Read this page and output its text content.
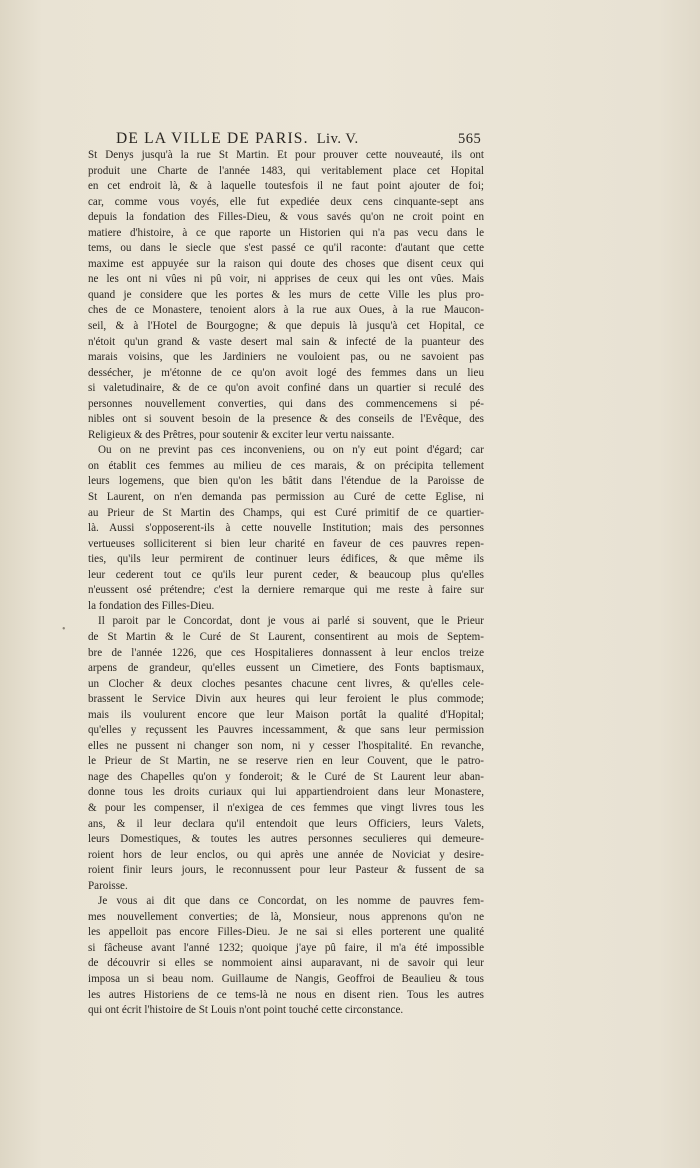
DE LA VILLE DE PARIS. Liv. V.	565
•
St Denys jusqu'à la rue St Martin. Et pour prouver cette nouveauté, ils ont
produit une Charte de l'année 1483, qui veritablement place cet Hopital
en cet endroit là, & à laquelle toutesfois il ne faut point ajouter de foi;
car, comme vous voyés, elle fut expediée deux cens cinquante-sept ans
depuis la fondation des Filles-Dieu, & vous savés qu'on ne croit point en
matiere d'histoire, à ce que raporte un Historien qui n'a pas vecu dans le
tems, ou dans le siecle que s'est passé ce qu'il raconte: d'autant que cette
maxime est appuyée sur la raison qui doute des choses que disent ceux qui
ne les ont ni vûes ni pû voir, ni apprises de ceux qui les ont vûes. Mais
quand je considere que les portes & les murs de cette Ville les plus pro-
ches de ce Monastere, tenoient alors à la rue aux Oues, à la rue Maucon-
seil, & à l'Hotel de Bourgogne; & que depuis là jusqu'à cet Hopital, ce
n'étoit qu'un grand & vaste desert mal sain & infecté de la puanteur des
marais voisins, que les Jardiniers ne vouloient pas, ou ne savoient pas
dessécher, je m'étonne de ce qu'on avoit logé des femmes dans un lieu
si valetudinaire, & de ce qu'on avoit confiné dans un quartier si reculé des
personnes nouvellement converties, qui dans des commencemens si pé-
nibles ont si souvent besoin de la presence & des conseils de l'Evêque, des
Religieux & des Prêtres, pour soutenir & exciter leur vertu naissante.
Ou on ne prevint pas ces inconveniens, ou on n'y eut point d'égard; car
on établit ces femmes au milieu de ces marais, & on précipita tellement
leurs logemens, que bien qu'on les bâtit dans l'étendue de la Paroisse de
St Laurent, on n'en demanda pas permission au Curé de cette Eglise, ni
au Prieur de St Martin des Champs, qui est Curé primitif de ce quartier-
là. Aussi s'opposerent-ils à cette nouvelle Institution; mais des personnes
vertueuses solliciterent si bien leur charité en faveur de ces pauvres repen-
ties, qu'ils leur permirent de continuer leurs édifices, & que même ils
leur cederent tout ce qu'ils leur purent ceder, & beaucoup plus qu'elles
n'eussent osé prétendre; c'est la derniere remarque qui me reste à faire sur
la fondation des Filles-Dieu.
Il paroit par le Concordat, dont je vous ai parlé si souvent, que le Prieur
de St Martin & le Curé de St Laurent, consentirent au mois de Septem-
bre de l'année 1226, que ces Hospitalieres donnassent à leur enclos treize
arpens de grandeur, qu'elles eussent un Cimetiere, des Fonts baptismaux,
un Clocher & deux cloches pesantes chacune cent livres, & qu'elles cele-
brassent le Service Divin aux heures qui leur feroient le plus commode;
mais ils voulurent encore que leur Maison portât la qualité d'Hopital;
qu'elles y reçussent les Pauvres incessamment, & que sans leur permission
elles ne pussent ni changer son nom, ni y cesser l'hospitalité. En revanche,
le Prieur de St Martin, ne se reserve rien en leur Couvent, que le patro-
nage des Chapelles qu'on y fonderoit; & le Curé de St Laurent leur aban-
donne tous les droits curiaux qui lui appartiendroient dans leur Monastere,
& pour les compenser, il n'exigea de ces femmes que vingt livres tous les
ans, & il leur declara qu'il entendoit que leurs Officiers, leurs Valets,
leurs Domestiques, & toutes les autres personnes seculieres qui demeure-
roient hors de leur enclos, ou qui après une année de Noviciat y desire-
roient finir leurs jours, le reconnussent pour leur Pasteur & fussent de sa
Paroisse.
Je vous ai dit que dans ce Concordat, on les nomme de pauvres fem-
mes nouvellement converties; de là, Monsieur, nous apprenons qu'on ne
les appelloit pas encore Filles-Dieu. Je ne sai si elles porterent une qualité
si fâcheuse avant l'anné 1232; quoique j'aye pû faire, il m'a été impossible
de découvrir si elles se nommoient ainsi auparavant, ni de savoir qui leur
imposa un si beau nom. Guillaume de Nangis, Geoffroi de Beaulieu & tous
les autres Historiens de ce tems-là ne nous en disent rien. Tous les autres
qui ont écrit l'histoire de St Louis n'ont point touché cette circonstance.
